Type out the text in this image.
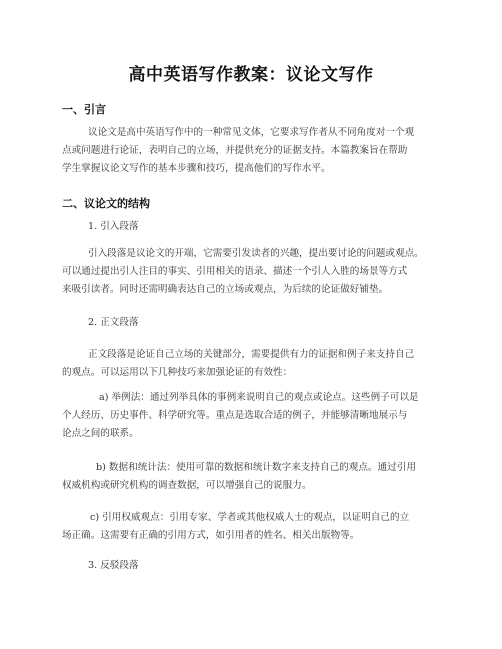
高中英语写作教案：议论文写作
一、引言
议论文是高中英语写作中的一种常见文体，它要求写作者从不同角度对一个观
点或问题进行论证，表明自己的立场，并提供充分的证据支持。本篇教案旨在帮助
学生掌握议论文写作的基本步骤和技巧，提高他们的写作水平。
二、议论文的结构
1. 引入段落
引入段落是议论文的开端，它需要引发读者的兴趣，提出要讨论的问题或观点。
可以通过提出引人注目的事实、引用相关的语录、描述一个引人入胜的场景等方式
来吸引读者。同时还需明确表达自己的立场或观点，为后续的论证做好铺垫。
2. 正文段落
正文段落是论证自己立场的关键部分，需要提供有力的证据和例子来支持自己
的观点。可以运用以下几种技巧来加强论证的有效性：
a) 举例法：通过列举具体的事例来说明自己的观点或论点。这些例子可以是
个人经历、历史事件、科学研究等。重点是选取合适的例子，并能够清晰地展示与
论点之间的联系。
b) 数据和统计法：使用可靠的数据和统计数字来支持自己的观点。通过引用
权威机构或研究机构的调查数据，可以增强自己的说服力。
c) 引用权威观点：引用专家、学者或其他权威人士的观点，以证明自己的立
场正确。这需要有正确的引用方式，如引用者的姓名、相关出版物等。
3. 反驳段落
